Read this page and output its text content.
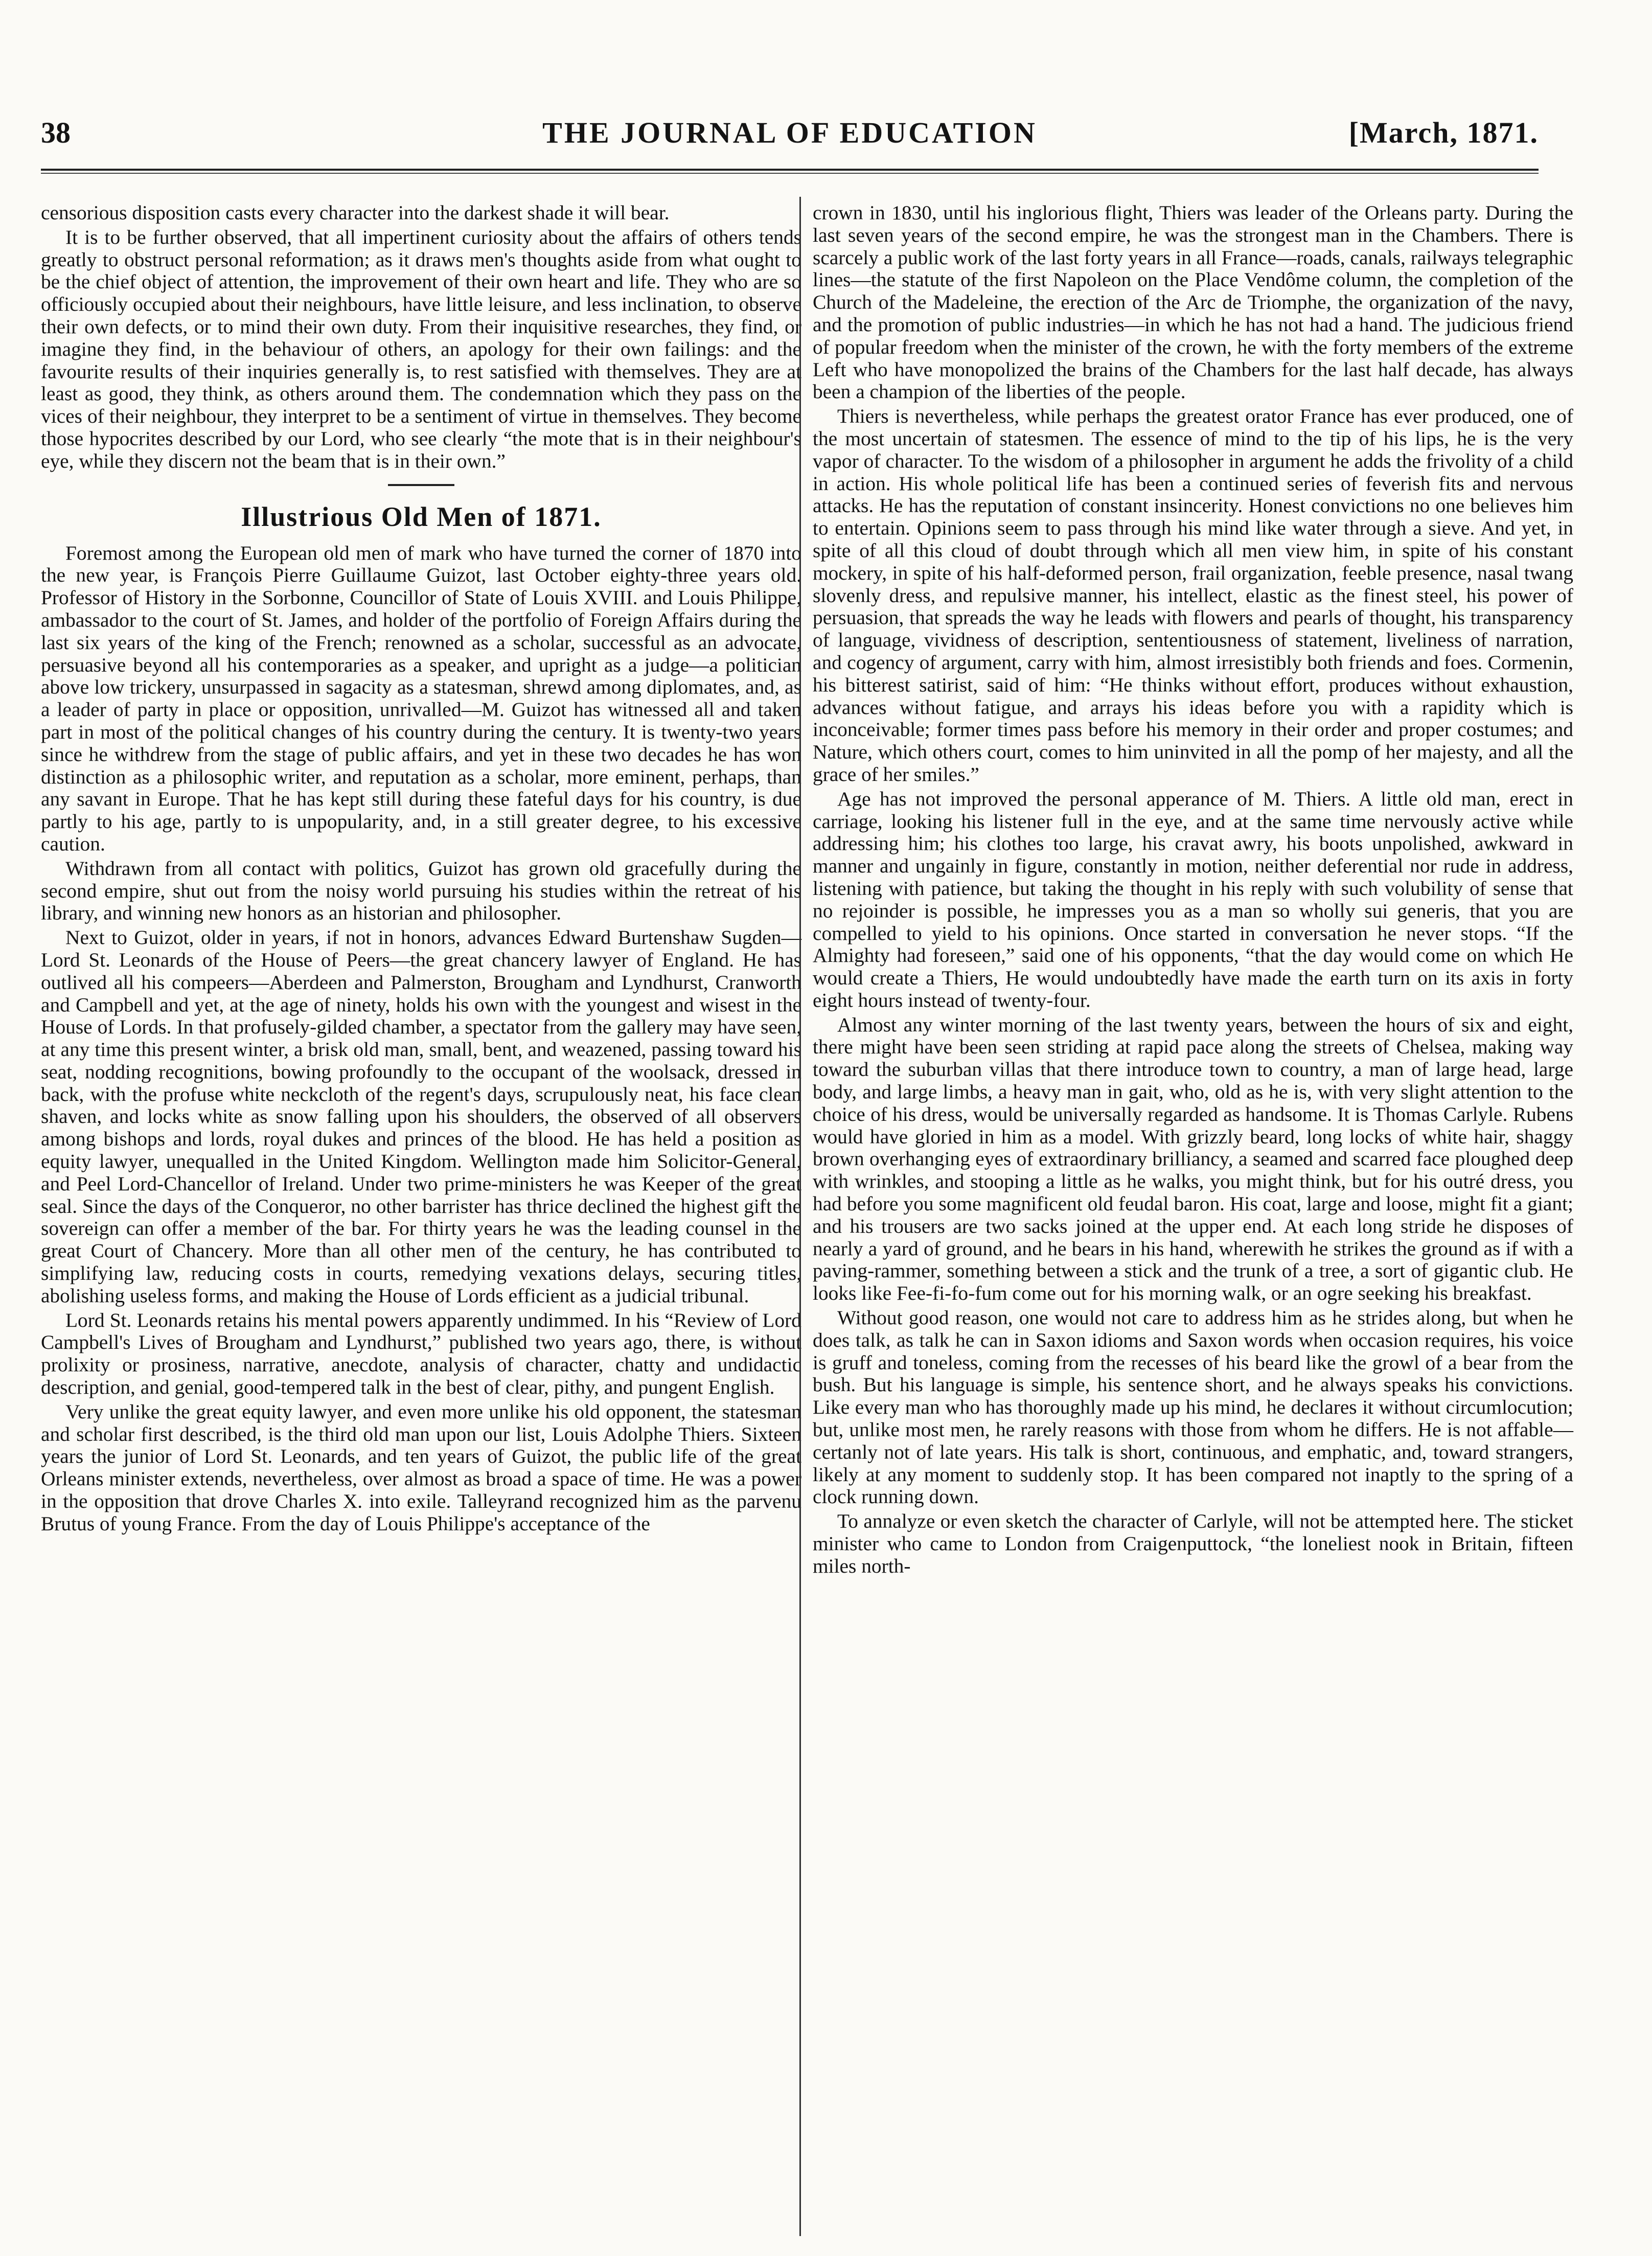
38	THE JOURNAL OF EDUCATION	[March, 1871.

censorious disposition casts every character into the darkest shade it will bear.

It is to be further observed, that all impertinent curiosity about the affairs of others tends greatly to obstruct personal reformation; as it draws men's thoughts aside from what ought to be the chief object of attention, the improvement of their own heart and life. They who are so officiously occupied about their neighbours, have little leisure, and less inclination, to observe their own defects, or to mind their own duty. From their inquisitive researches, they find, or imagine they find, in the behaviour of others, an apology for their own failings: and the favourite results of their inquiries generally is, to rest satisfied with themselves. They are at least as good, they think, as others around them. The condemnation which they pass on the vices of their neighbour, they interpret to be a sentiment of virtue in themselves. They become those hypocrites described by our Lord, who see clearly “the mote that is in their neighbour's eye, while they discern not the beam that is in their own.”

Illustrious Old Men of 1871.

Foremost among the European old men of mark who have turned the corner of 1870 into the new year, is François Pierre Guillaume Guizot, last October eighty-three years old. Professor of History in the Sorbonne, Councillor of State of Louis XVIII. and Louis Philippe, ambassador to the court of St. James, and holder of the portfolio of Foreign Affairs during the last six years of the king of the French; renowned as a scholar, successful as an advocate, persuasive beyond all his contemporaries as a speaker, and upright as a judge—a politician above low trickery, unsurpassed in sagacity as a statesman, shrewd among diplomates, and, as a leader of party in place or opposition, unrivalled—M. Guizot has witnessed all and taken part in most of the political changes of his country during the century. It is twenty-two years since he withdrew from the stage of public affairs, and yet in these two decades he has won distinction as a philosophic writer, and reputation as a scholar, more eminent, perhaps, than any savant in Europe. That he has kept still during these fateful days for his country, is due partly to his age, partly to is unpopularity, and, in a still greater degree, to his excessive caution.

Withdrawn from all contact with politics, Guizot has grown old gracefully during the second empire, shut out from the noisy world pursuing his studies within the retreat of his library, and winning new honors as an historian and philosopher.

Next to Guizot, older in years, if not in honors, advances Edward Burtenshaw Sugden—Lord St. Leonards of the House of Peers—the great chancery lawyer of England. He has outlived all his compeers—Aberdeen and Palmerston, Brougham and Lyndhurst, Cranworth and Campbell and yet, at the age of ninety, holds his own with the youngest and wisest in the House of Lords. In that profusely-gilded chamber, a spectator from the gallery may have seen, at any time this present winter, a brisk old man, small, bent, and weazened, passing toward his seat, nodding recognitions, bowing profoundly to the occupant of the woolsack, dressed in back, with the profuse white neckcloth of the regent's days, scrupulously neat, his face clean shaven, and locks white as snow falling upon his shoulders, the observed of all observers among bishops and lords, royal dukes and princes of the blood. He has held a position as equity lawyer, unequalled in the United Kingdom. Wellington made him Solicitor-General, and Peel Lord-Chancellor of Ireland. Under two prime-ministers he was Keeper of the great seal. Since the days of the Conqueror, no other barrister has thrice declined the highest gift the sovereign can offer a member of the bar. For thirty years he was the leading counsel in the great Court of Chancery. More than all other men of the century, he has contributed to simplifying law, reducing costs in courts, remedying vexations delays, securing titles, abolishing useless forms, and making the House of Lords efficient as a judicial tribunal.

Lord St. Leonards retains his mental powers apparently undimmed. In his “Review of Lord Campbell's Lives of Brougham and Lyndhurst,” published two years ago, there, is without prolixity or prosiness, narrative, anecdote, analysis of character, chatty and undidactic description, and genial, good-tempered talk in the best of clear, pithy, and pungent English.

Very unlike the great equity lawyer, and even more unlike his old opponent, the statesman and scholar first described, is the third old man upon our list, Louis Adolphe Thiers. Sixteen years the junior of Lord St. Leonards, and ten years of Guizot, the public life of the great Orleans minister extends, nevertheless, over almost as broad a space of time. He was a power in the opposition that drove Charles X. into exile. Talleyrand recognized him as the parvenu Brutus of young France. From the day of Louis Philippe's acceptance of the

crown in 1830, until his inglorious flight, Thiers was leader of the Orleans party. During the last seven years of the second empire, he was the strongest man in the Chambers. There is scarcely a public work of the last forty years in all France—roads, canals, railways telegraphic lines—the statute of the first Napoleon on the Place Vendôme column, the completion of the Church of the Madeleine, the erection of the Arc de Triomphe, the organization of the navy, and the promotion of public industries—in which he has not had a hand. The judicious friend of popular freedom when the minister of the crown, he with the forty members of the extreme Left who have monopolized the brains of the Chambers for the last half decade, has always been a champion of the liberties of the people.

Thiers is nevertheless, while perhaps the greatest orator France has ever produced, one of the most uncertain of statesmen. The essence of mind to the tip of his lips, he is the very vapor of character. To the wisdom of a philosopher in argument he adds the frivolity of a child in action. His whole political life has been a continued series of feverish fits and nervous attacks. He has the reputation of constant insincerity. Honest convictions no one believes him to entertain. Opinions seem to pass through his mind like water through a sieve. And yet, in spite of all this cloud of doubt through which all men view him, in spite of his constant mockery, in spite of his half-deformed person, frail organization, feeble presence, nasal twang slovenly dress, and repulsive manner, his intellect, elastic as the finest steel, his power of persuasion, that spreads the way he leads with flowers and pearls of thought, his transparency of language, vividness of description, sententiousness of statement, liveliness of narration, and cogency of argument, carry with him, almost irresistibly both friends and foes. Cormenin, his bitterest satirist, said of him: “He thinks without effort, produces without exhaustion, advances without fatigue, and arrays his ideas before you with a rapidity which is inconceivable; former times pass before his memory in their order and proper costumes; and Nature, which others court, comes to him uninvited in all the pomp of her majesty, and all the grace of her smiles.”

Age has not improved the personal apperance of M. Thiers. A little old man, erect in carriage, looking his listener full in the eye, and at the same time nervously active while addressing him; his clothes too large, his cravat awry, his boots unpolished, awkward in manner and ungainly in figure, constantly in motion, neither deferential nor rude in address, listening with patience, but taking the thought in his reply with such volubility of sense that no rejoinder is possible, he impresses you as a man so wholly sui generis, that you are compelled to yield to his opinions. Once started in conversation he never stops. “If the Almighty had foreseen,” said one of his opponents, “that the day would come on which He would create a Thiers, He would undoubtedly have made the earth turn on its axis in forty eight hours instead of twenty-four.

Almost any winter morning of the last twenty years, between the hours of six and eight, there might have been seen striding at rapid pace along the streets of Chelsea, making way toward the suburban villas that there introduce town to country, a man of large head, large body, and large limbs, a heavy man in gait, who, old as he is, with very slight attention to the choice of his dress, would be universally regarded as handsome. It is Thomas Carlyle. Rubens would have gloried in him as a model. With grizzly beard, long locks of white hair, shaggy brown overhanging eyes of extraordinary brilliancy, a seamed and scarred face ploughed deep with wrinkles, and stooping a little as he walks, you might think, but for his outré dress, you had before you some magnificent old feudal baron. His coat, large and loose, might fit a giant; and his trousers are two sacks joined at the upper end. At each long stride he disposes of nearly a yard of ground, and he bears in his hand, wherewith he strikes the ground as if with a paving-rammer, something between a stick and the trunk of a tree, a sort of gigantic club. He looks like Fee-fi-fo-fum come out for his morning walk, or an ogre seeking his breakfast.

Without good reason, one would not care to address him as he strides along, but when he does talk, as talk he can in Saxon idioms and Saxon words when occasion requires, his voice is gruff and toneless, coming from the recesses of his beard like the growl of a bear from the bush. But his language is simple, his sentence short, and he always speaks his convictions. Like every man who has thoroughly made up his mind, he declares it without circumlocution; but, unlike most men, he rarely reasons with those from whom he differs. He is not affable—certanly not of late years. His talk is short, continuous, and emphatic, and, toward strangers, likely at any moment to suddenly stop. It has been compared not inaptly to the spring of a clock running down.

To annalyze or even sketch the character of Carlyle, will not be attempted here. The sticket minister who came to London from Craigenputtock, “the loneliest nook in Britain, fifteen miles north-
